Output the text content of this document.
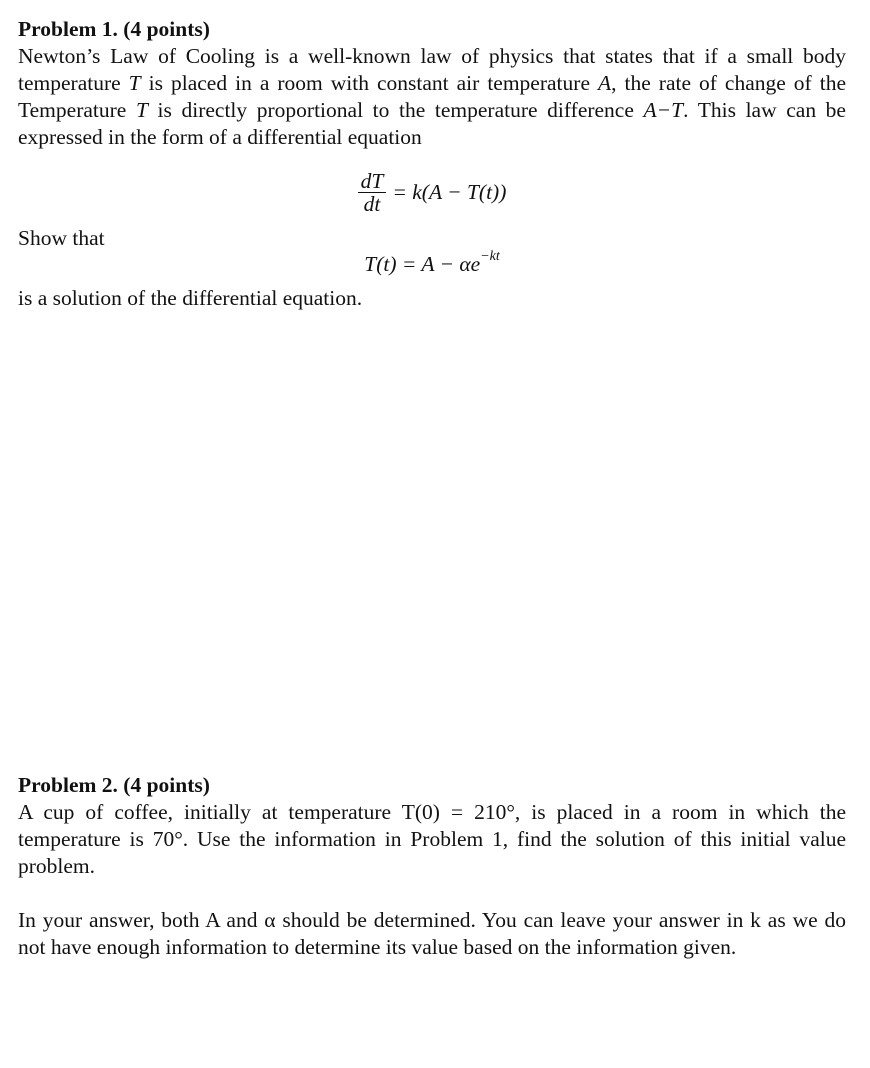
Problem 1. (4 points)

Newton’s Law of Cooling is a well-known law of physics that states that if a small body temperature T is placed in a room with constant air temperature A, the rate of change of the Temperature T is directly proportional to the temperature difference A−T. This law can be expressed in the form of a differential equation

$\frac{dT}{dt} = k(A - T(t))$

Show that

$T(t) = A - \alpha e^{-kt}$

is a solution of the differential equation.

Problem 2. (4 points)

A cup of coffee, initially at temperature T(0) = 210°, is placed in a room in which the temperature is 70°. Use the information in Problem 1, find the solution of this initial value problem.

In your answer, both A and α should be determined. You can leave your answer in k as we do not have enough information to determine its value based on the information given.
